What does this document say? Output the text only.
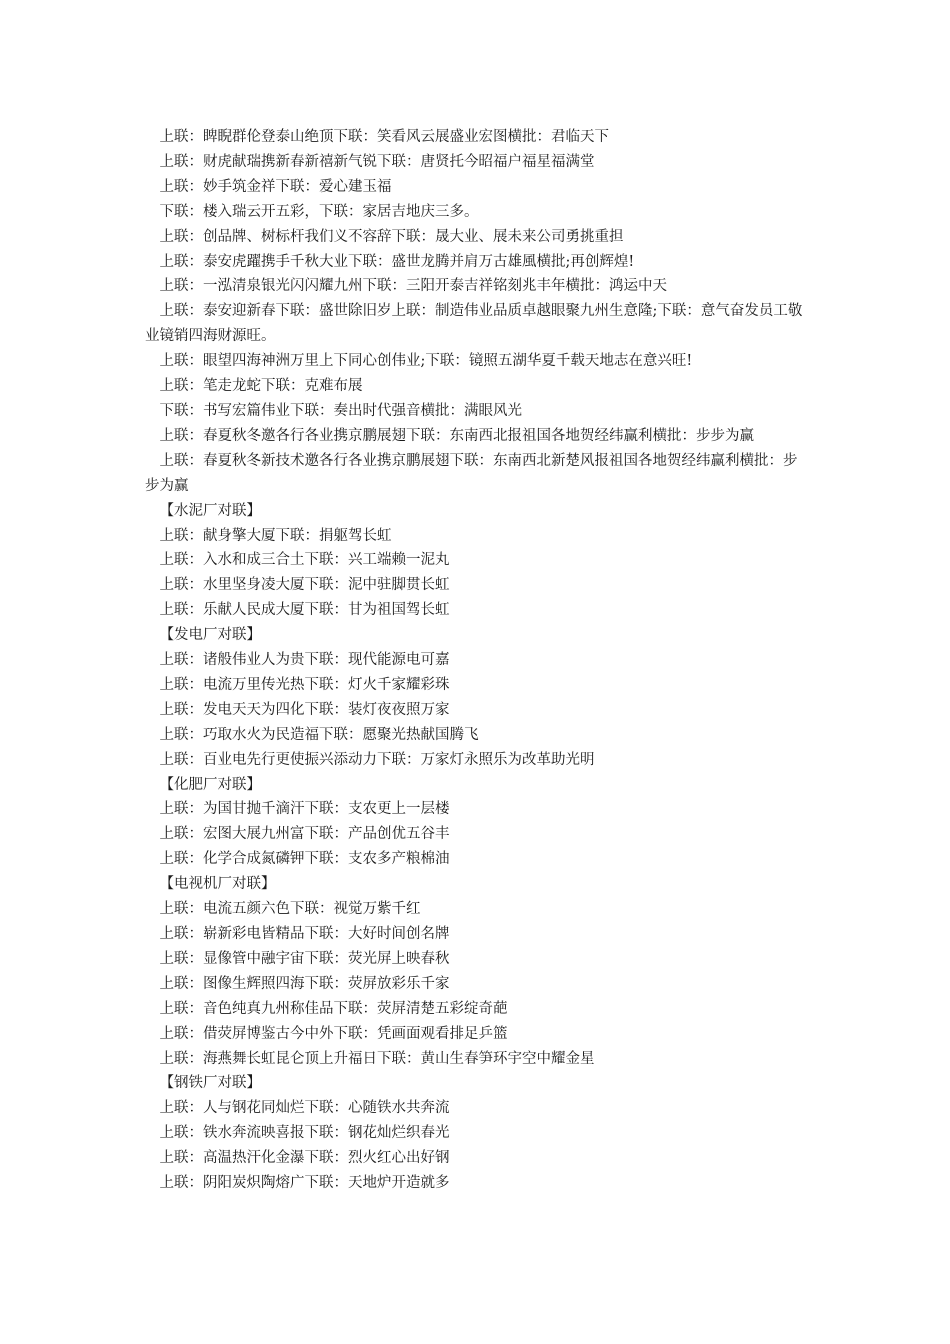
上联：睥睨群伦登泰山绝顶下联：笑看风云展盛业宏图横批：君临天下
上联：财虎献瑞携新春新禧新气锐下联：唐贤托今昭福户福星福满堂
上联：妙手筑金祥下联：爱心建玉福
下联：楼入瑞云开五彩，下联：家居吉地庆三多。
上联：创品牌、树标杆我们义不容辞下联：晟大业、展未来公司勇挑重担
上联：泰安虎躍携手千秋大业下联：盛世龙腾并肩万古雄風横批;再创辉煌!
上联：一泓清泉银光闪闪耀九州下联：三阳开泰吉祥铭刻兆丰年横批：鸿运中天
上联：泰安迎新春下联：盛世除旧岁上联：制造伟业品质卓越眼聚九州生意隆;下联：意气奋发员工敬业镜销四海财源旺。
上联：眼望四海神洲万里上下同心创伟业;下联：镜照五湖华夏千载天地志在意兴旺!
上联：笔走龙蛇下联：克难布展
下联：书写宏篇伟业下联：奏出时代强音横批：满眼风光
上联：春夏秋冬邀各行各业携京鹏展翅下联：东南西北报祖国各地贺经纬赢利横批：步步为赢
上联：春夏秋冬新技术邀各行各业携京鹏展翅下联：东南西北新楚风报祖国各地贺经纬赢利横批：步步为赢
【水泥厂对联】
上联：献身擎大厦下联：捐躯驾长虹
上联：入水和成三合土下联：兴工端赖一泥丸
上联：水里坚身凌大厦下联：泥中驻脚贯长虹
上联：乐献人民成大厦下联：甘为祖国驾长虹
【发电厂对联】
上联：诸般伟业人为贵下联：现代能源电可嘉
上联：电流万里传光热下联：灯火千家耀彩珠
上联：发电天天为四化下联：装灯夜夜照万家
上联：巧取水火为民造福下联：愿聚光热献国腾飞
上联：百业电先行更使振兴添动力下联：万家灯永照乐为改革助光明
【化肥厂对联】
上联：为国甘抛千滴汗下联：支农更上一层楼
上联：宏图大展九州富下联：产品创优五谷丰
上联：化学合成氮磷钾下联：支农多产粮棉油
【电视机厂对联】
上联：电流五颜六色下联：视觉万紫千红
上联：崭新彩电皆精品下联：大好时间创名牌
上联：显像管中融宇宙下联：荧光屏上映春秋
上联：图像生辉照四海下联：荧屏放彩乐千家
上联：音色纯真九州称佳品下联：荧屏清楚五彩绽奇葩
上联：借荧屏博鉴古今中外下联：凭画面观看排足乒篮
上联：海燕舞长虹昆仑顶上升福日下联：黄山生春笋环宇空中耀金星
【钢铁厂对联】
上联：人与钢花同灿烂下联：心随铁水共奔流
上联：铁水奔流映喜报下联：钢花灿烂织春光
上联：高温热汗化金瀑下联：烈火红心出好钢
上联：阴阳炭炽陶熔广下联：天地炉开造就多
